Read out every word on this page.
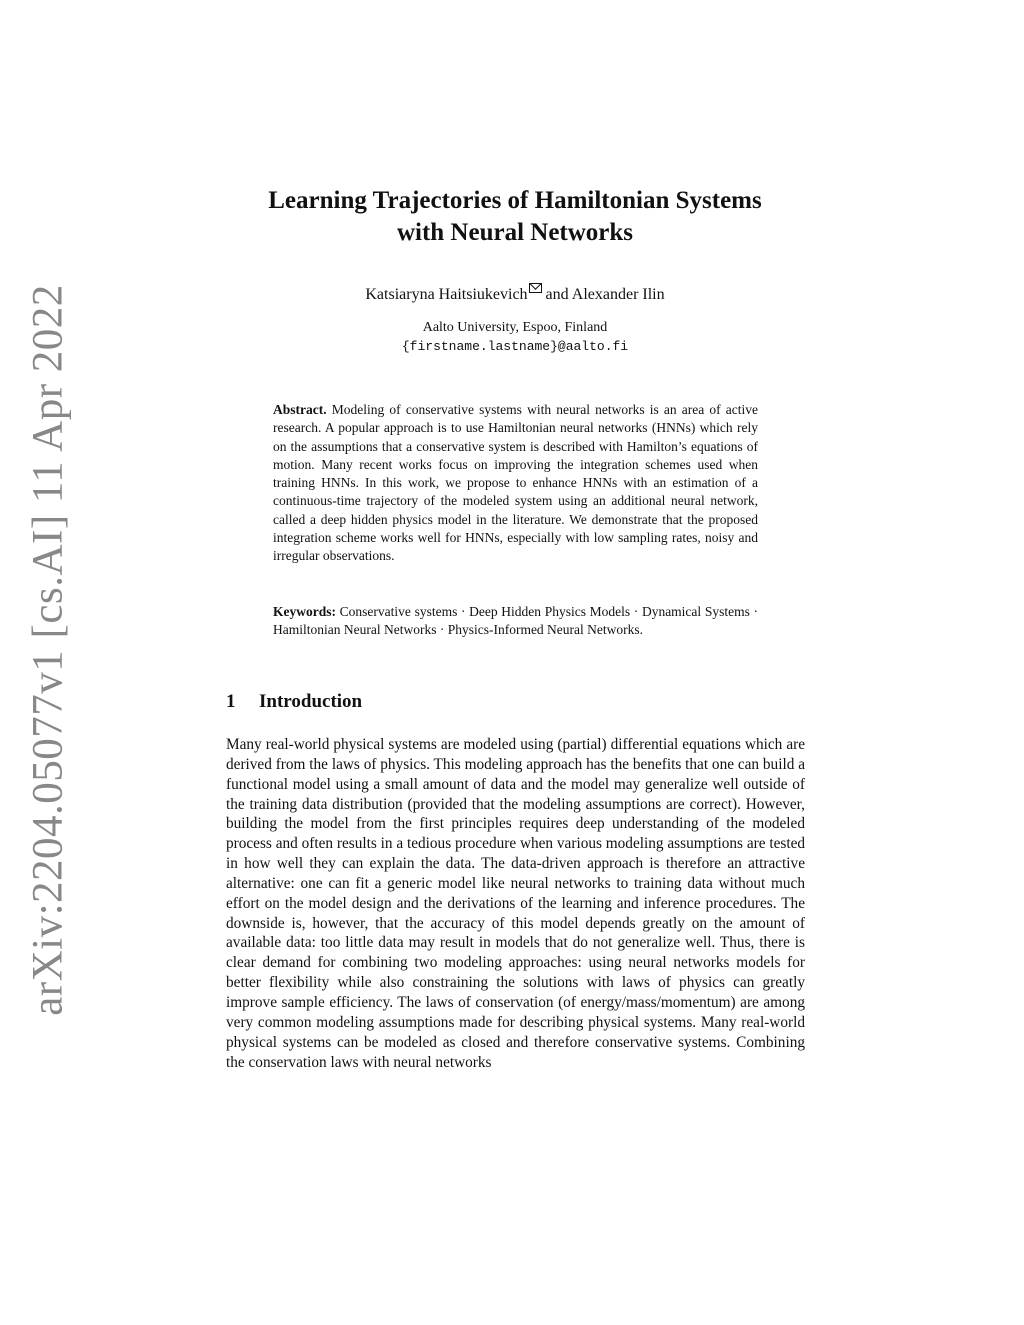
arXiv:2204.05077v1 [cs.AI] 11 Apr 2022
Learning Trajectories of Hamiltonian Systems
with Neural Networks
Katsiaryna Haitsiukevich and Alexander Ilin
Aalto University, Espoo, Finland
{firstname.lastname}@aalto.fi

Abstract. Modeling of conservative systems with neural networks is an area of active research. A popular approach is to use Hamiltonian neural networks (HNNs) which rely on the assumptions that a conservative system is described with Hamilton’s equations of motion. Many recent works focus on improving the integration schemes used when training HNNs. In this work, we propose to enhance HNNs with an estimation of a continuous-time trajectory of the modeled system using an additional neural network, called a deep hidden physics model in the literature. We demonstrate that the proposed integration scheme works well for HNNs, especially with low sampling rates, noisy and irregular observations.

Keywords: Conservative systems · Deep Hidden Physics Models · Dynamical Systems · Hamiltonian Neural Networks · Physics-Informed Neural Networks.

1 Introduction

Many real-world physical systems are modeled using (partial) differential equations which are derived from the laws of physics. This modeling approach has the benefits that one can build a functional model using a small amount of data and the model may generalize well outside of the training data distribution (provided that the modeling assumptions are correct). However, building the model from the first principles requires deep understanding of the modeled process and often results in a tedious procedure when various modeling assumptions are tested in how well they can explain the data. The data-driven approach is therefore an attractive alternative: one can fit a generic model like neural networks to training data without much effort on the model design and the derivations of the learning and inference procedures. The downside is, however, that the accuracy of this model depends greatly on the amount of available data: too little data may result in models that do not generalize well. Thus, there is clear demand for combining two modeling approaches: using neural networks models for better flexibility while also constraining the solutions with laws of physics can greatly improve sample efficiency. The laws of conservation (of energy/mass/momentum) are among very common modeling assumptions made for describing physical systems. Many real-world physical systems can be modeled as closed and therefore conservative systems. Combining the conservation laws with neural networks
